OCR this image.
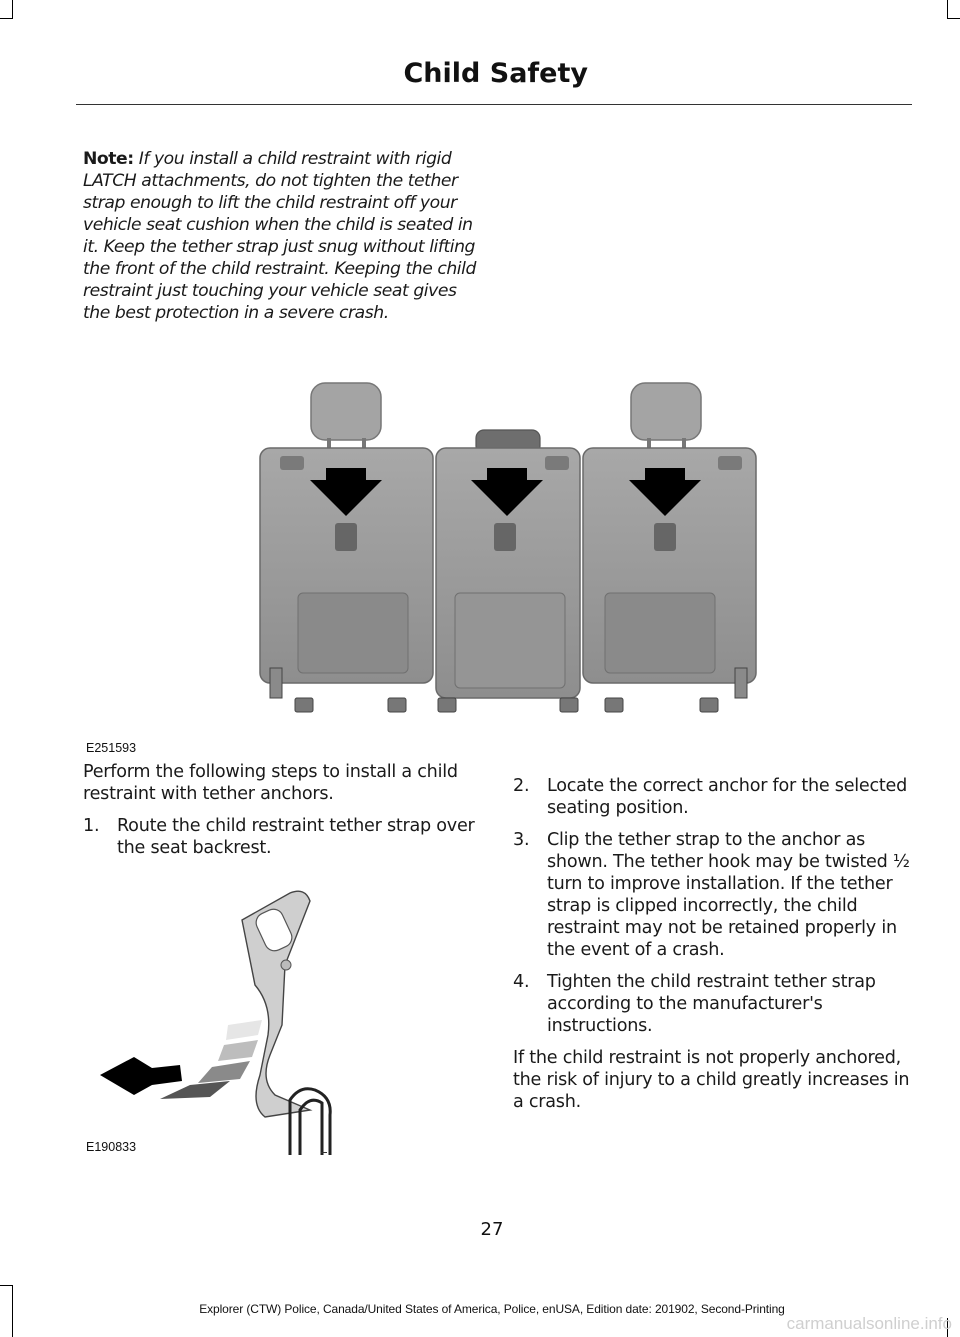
Child Safety
Note: If you install a child restraint with rigid LATCH attachments, do not tighten the tether strap enough to lift the child restraint off your vehicle seat cushion when the child is seated in it. Keep the tether strap just snug without lifting the front of the child restraint. Keeping the child restraint just touching your vehicle seat gives the best protection in a severe crash.
E251593

Perform the following steps to install a child restraint with tether anchors.

1.	Route the child restraint tether strap over the seat backrest.
E190833
2.	Locate the correct anchor for the selected seating position.
3.	Clip the tether strap to the anchor as shown. The tether hook may be twisted ½ turn to improve installation. If the tether strap is clipped incorrectly, the child restraint may not be retained properly in the event of a crash.
4.	Tighten the child restraint tether strap according to the manufacturer's instructions.

If the child restraint is not properly anchored, the risk of injury to a child greatly increases in a crash.

27
Explorer (CTW) Police, Canada/United States of America, Police, enUSA, Edition date: 201902, Second-Printing
carmanualsonline.info
